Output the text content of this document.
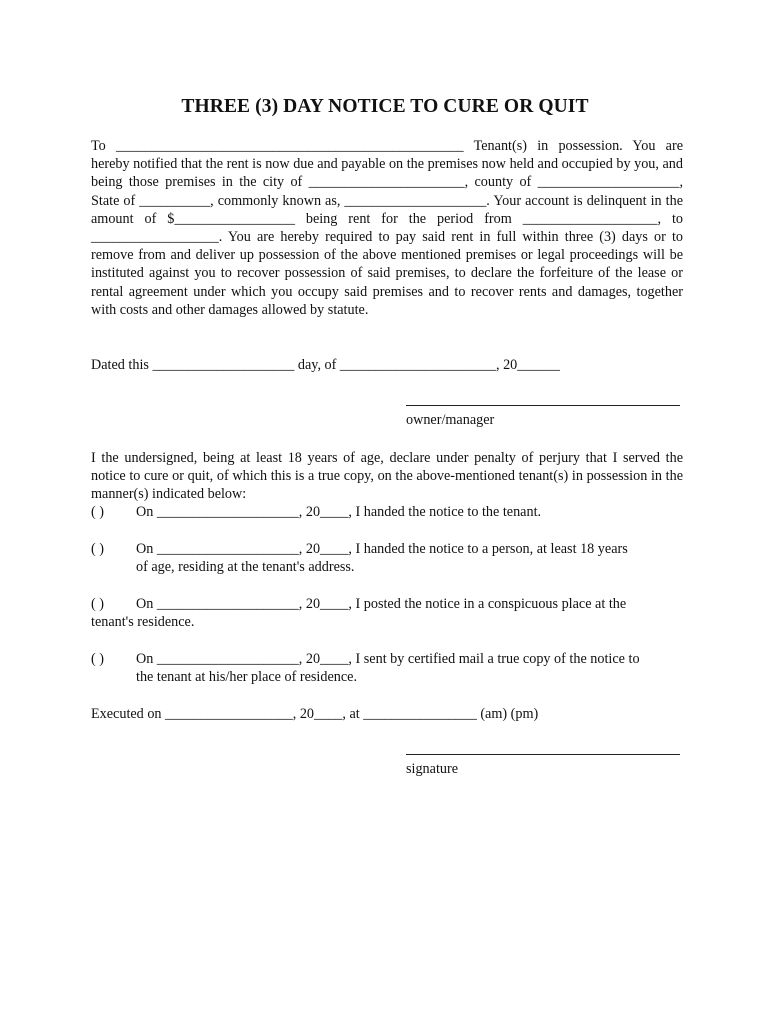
THREE (3) DAY NOTICE TO CURE OR QUIT
To _________________________________________________ Tenant(s) in possession. You are hereby notified that the rent is now due and payable on the premises now held and occupied by you, and being those premises in the city of ______________________, county of ____________________, State of __________, commonly known as, ____________________. Your account is delinquent in the amount of $_________________ being rent for the period from ___________________, to __________________. You are hereby required to pay said rent in full within three (3) days or to remove from and deliver up possession of the above mentioned premises or legal proceedings will be instituted against you to recover possession of said premises, to declare the forfeiture of the lease or rental agreement under which you occupy said premises and to recover rents and damages, together with costs and other damages allowed by statute.
Dated this ____________________ day, of ______________________, 20______
owner/manager
I the undersigned, being at least 18 years of age, declare under penalty of perjury that I served the notice to cure or quit, of which this is a true copy, on the above-mentioned tenant(s) in possession in the manner(s) indicated below:
( )	On ____________________, 20____, I handed the notice to the tenant.
( )	On ____________________, 20____, I handed the notice to a person, at least 18 years
of age, residing at the tenant's address.
( )	On ____________________, 20____, I posted the notice in a conspicuous place at the
tenant's residence.
( )	On ____________________, 20____, I sent by certified mail a true copy of the notice to
the tenant at his/her place of residence.
Executed on __________________, 20____, at ________________ (am) (pm)
signature
